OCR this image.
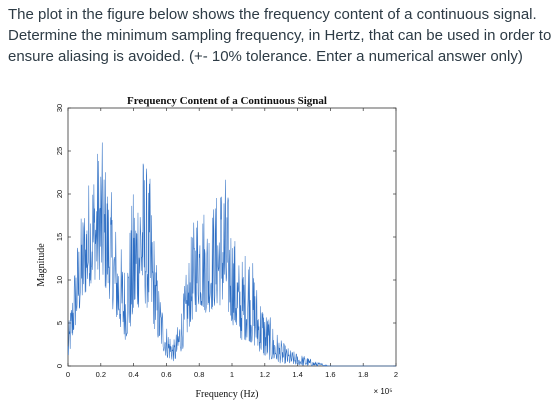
The plot in the figure below shows the frequency content of a continuous signal.

Determine the minimum sampling frequency, in Hertz, that can be used in order to

ensure aliasing is avoided. (+- 10% tolerance. Enter a numerical answer only)

Frequency Content of a Continuous Signal
Frequency (Hz)
Magnitude
× 10⁵
0	0.2	0.4	0.6	0.8	1	1.2	1.4	1.6	1.8	2
0
5
10
15
20
25
30
